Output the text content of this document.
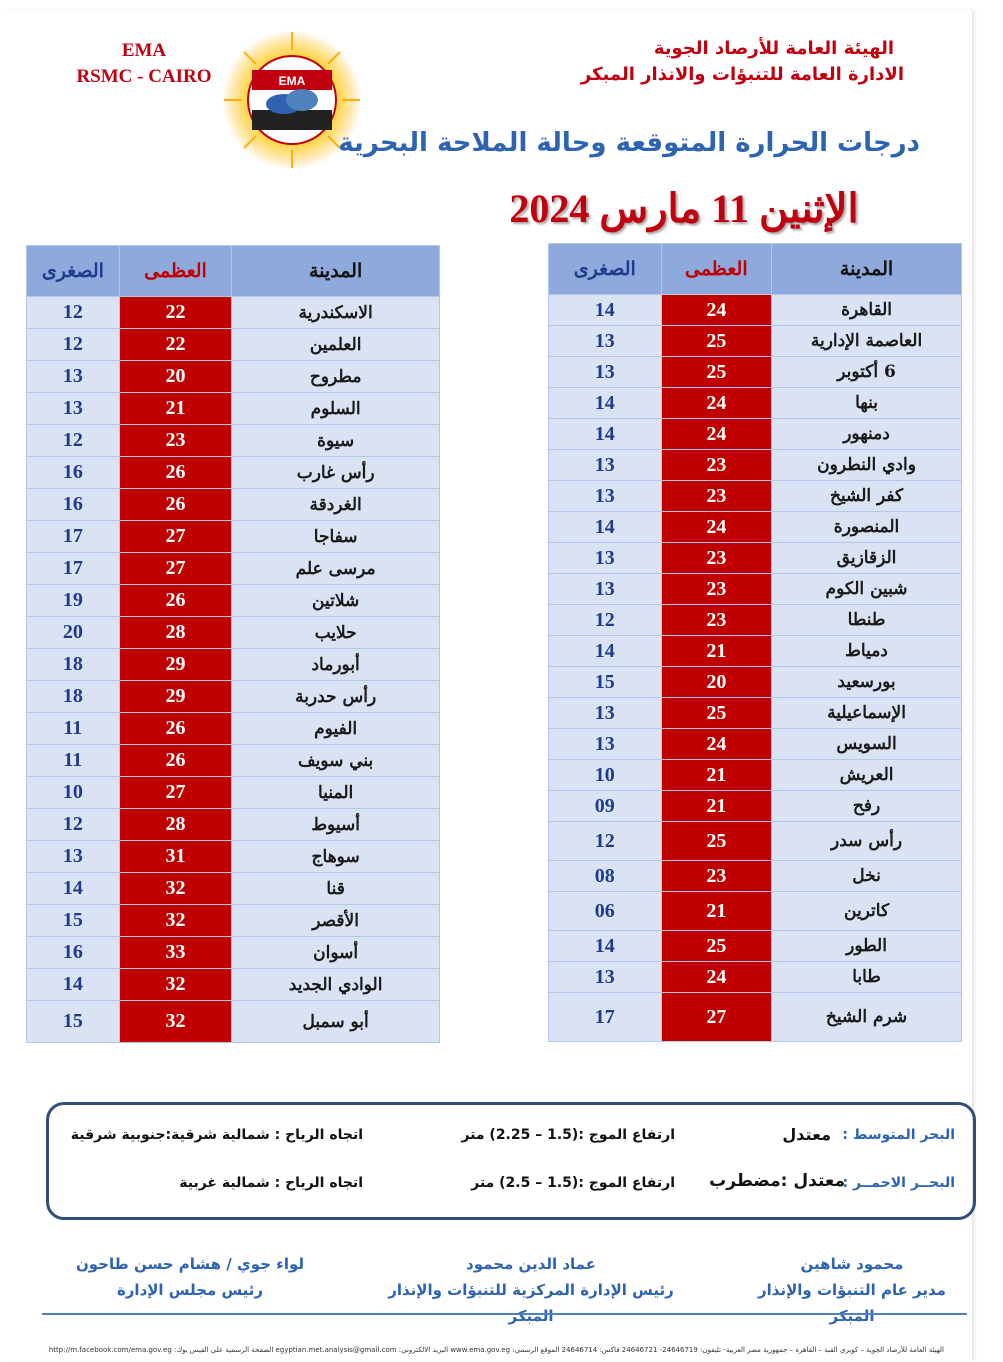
EMA
RSMC - CAIRO	EMA
الهيئة العامة للأرصاد الجوية
الادارة العامة للتنبؤات والانذار المبكر
درجات الحرارة المتوقعة وحالة الملاحة البحرية
الإثنين 11 مارس 2024
المدينة	العظمى	الصغرى
القاهرة	24	14
العاصمة الإدارية	25	13
6 أكتوبر	25	13
بنها	24	14
دمنهور	24	14
وادي النطرون	23	13
كفر الشيخ	23	13
المنصورة	24	14
الزقازيق	23	13
شبين الكوم	23	13
طنطا	23	12
دمياط	21	14
بورسعيد	20	15
الإسماعيلية	25	13
السويس	24	13
العريش	21	10
رفح	21	09
رأس سدر	25	12
نخل	23	08
كاترين	21	06
الطور	25	14
طابا	24	13
شرم الشيخ	27	17
المدينة	العظمى	الصغرى
الاسكندرية	22	12
العلمين	22	12
مطروح	20	13
السلوم	21	13
سيوة	23	12
رأس غارب	26	16
الغردقة	26	16
سفاجا	27	17
مرسى علم	27	17
شلاتين	26	19
حلايب	28	20
أبورماد	29	18
رأس حدربة	29	18
الفيوم	26	11
بني سويف	26	11
المنيا	27	10
أسيوط	28	12
سوهاج	31	13
قنا	32	14
الأقصر	32	15
أسوان	33	16
الوادي الجديد	32	14
أبو سمبل	32	15
البحر المتوسط :
معتدل
ارتفاع الموج :(1.5 – 2.25) متر
اتجاه الرياح : شمالية شرقية:جنوبية شرقية
البحــر الاحمــر :
معتدل :مضطرب
ارتفاع الموج :(1.5 – 2.5) متر
اتجاه الرياح : شمالية غربية
محمود شاهين
مدير عام التنبؤات والإنذار المبكر
عماد الدين محمود
رئيس الإدارة المركزية للتنبؤات والإنذار المبكر
لواء جوي / هشام حسن طاحون
رئيس مجلس الإدارة
الهيئة العامة للأرصاد الجوية – كوبري القبة – القاهرة – جمهورية مصر العربية- تليفون: 24646719- 24646721 فاكس: 24646714 الموقع الرسمي: www.ema.gov.eg البريد الالكتروني: egyptian.met.analysis@gmail.com الصفحة الرسمية على الفيس بوك: http://m.facebook.com/ema.gov.eg
